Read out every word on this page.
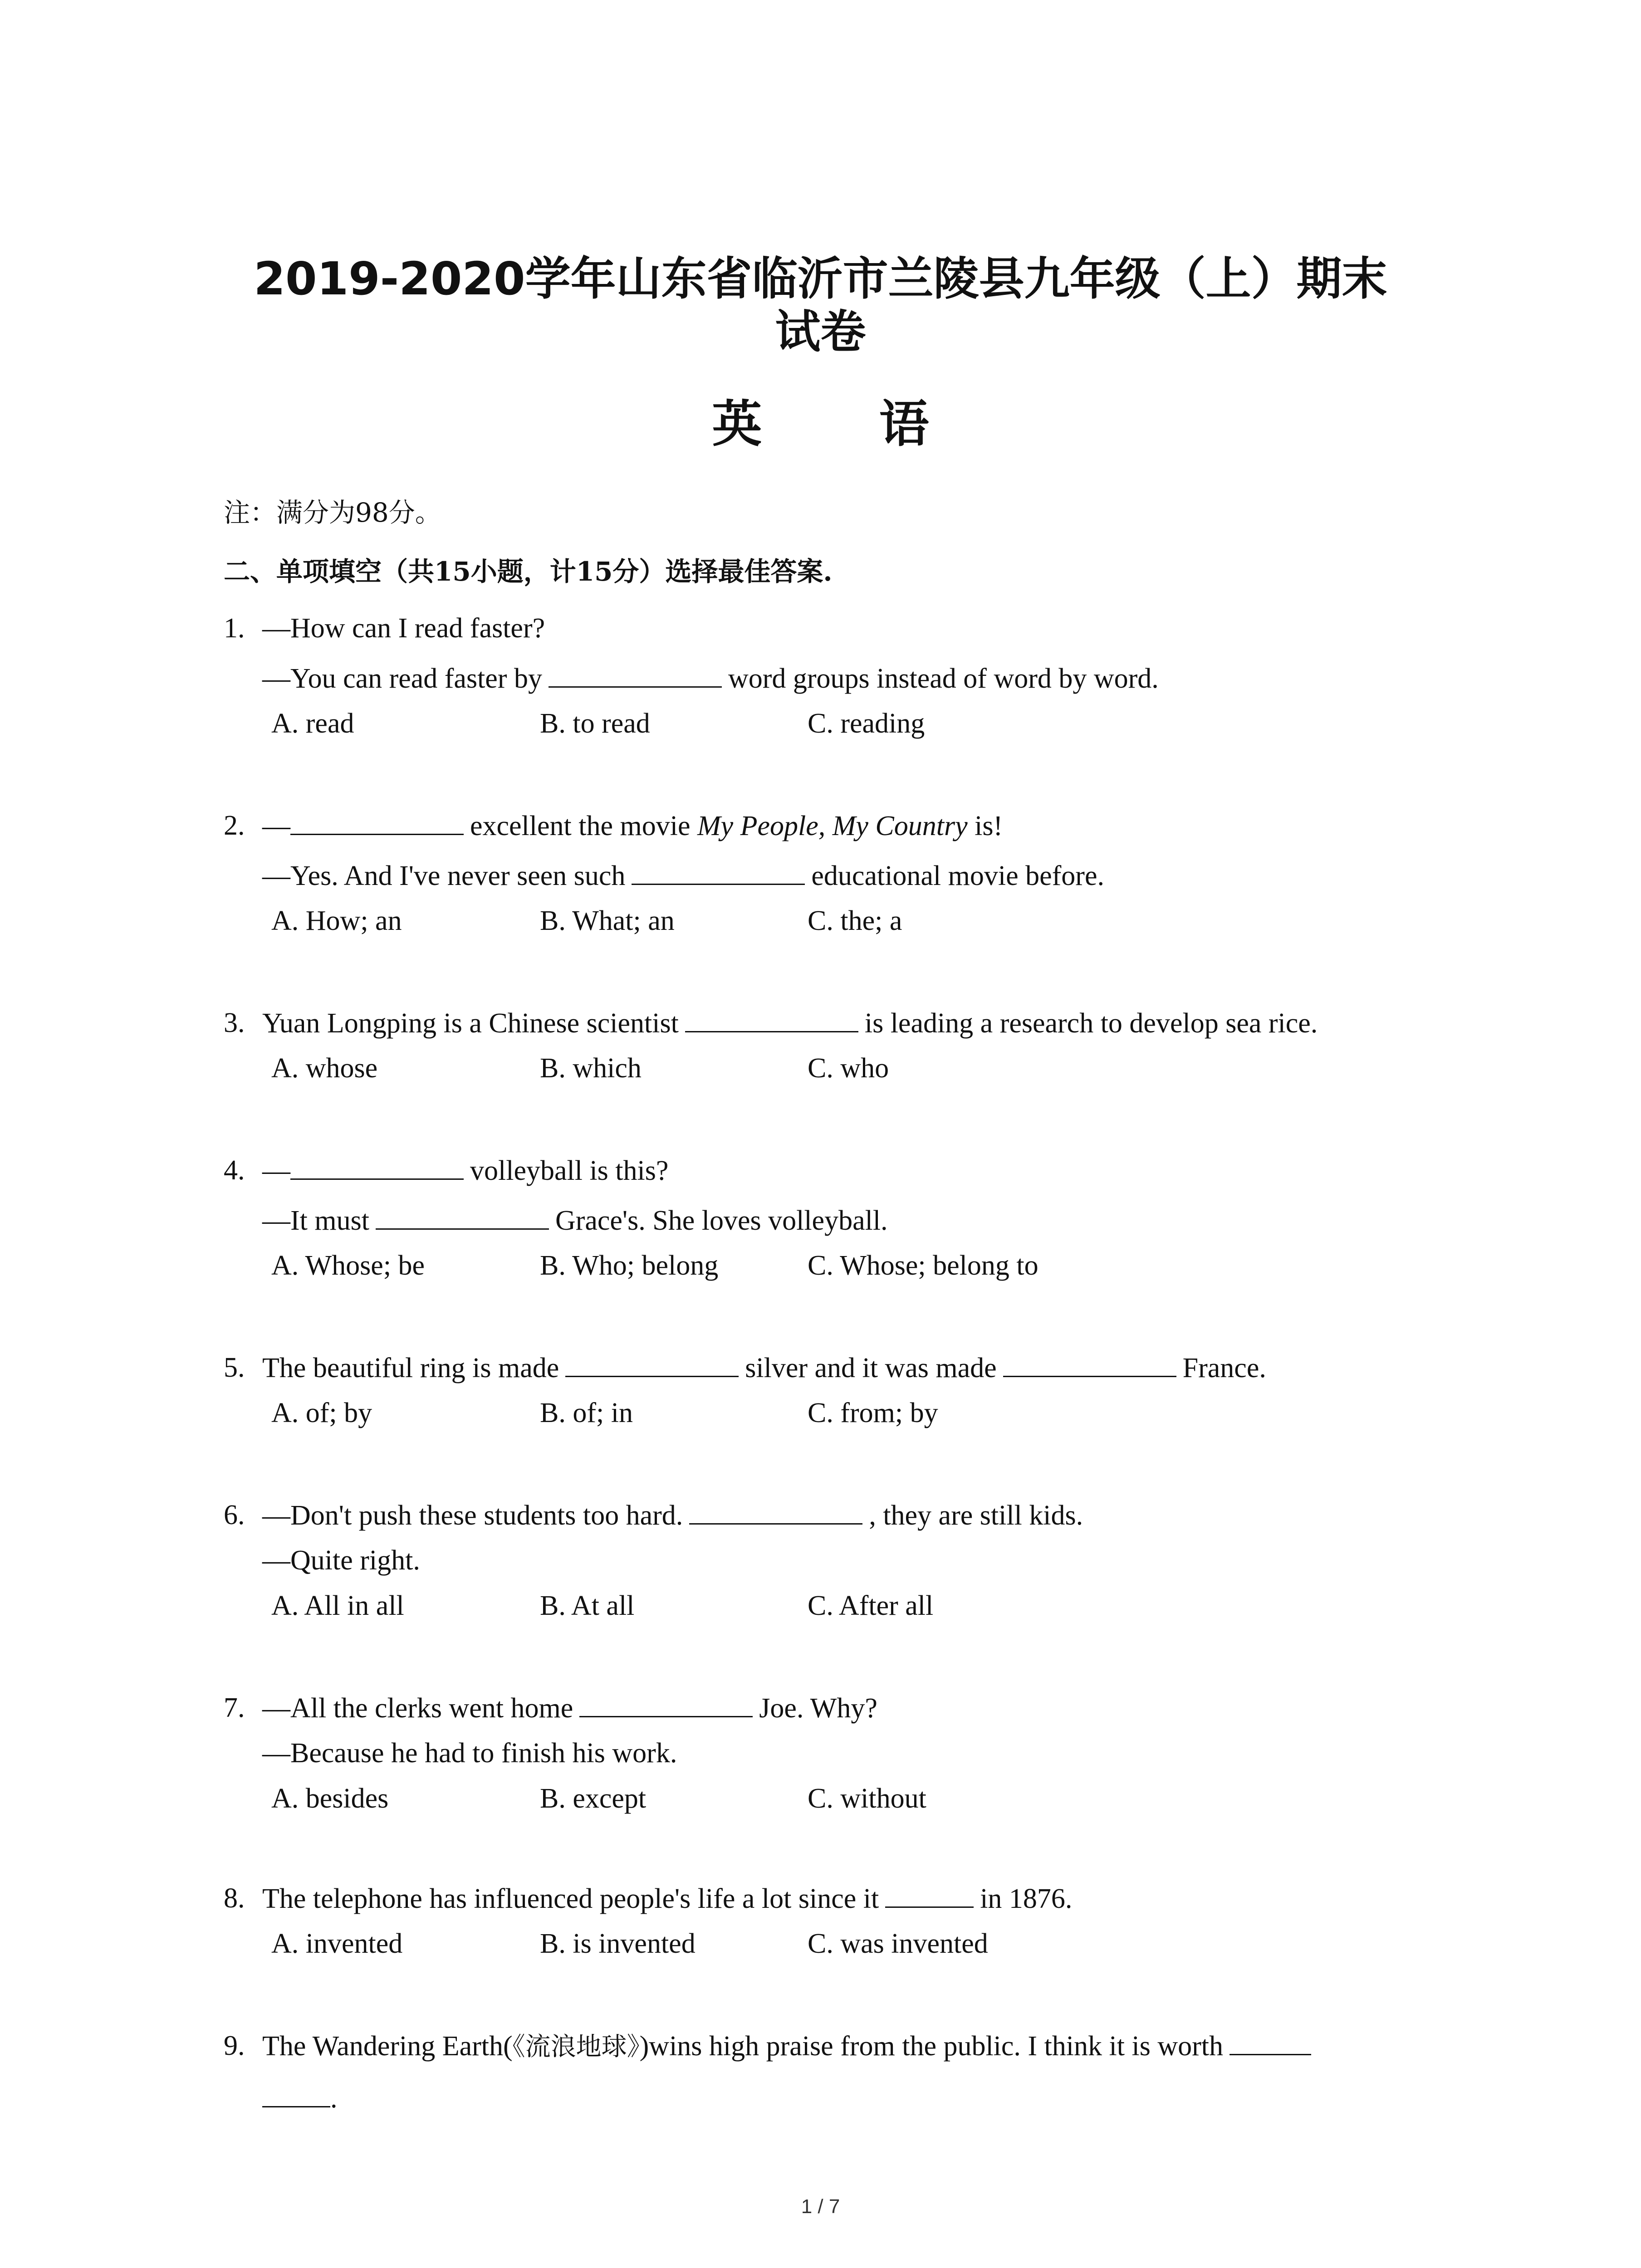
2019-2020学年山东省临沂市兰陵县九年级（上）期末
试卷
英 语
注：满分为98分。
二、单项填空（共15小题，计15分）选择最佳答案.
1. —How can I read faster?
—You can read faster by	word groups instead of word by word.
A. read	B. to read	C. reading
2. —	excellent the movie My People, My Country is!
—Yes. And I've never seen such	educational movie before.
A. How; an	B. What; an	C. the; a
3. Yuan Longping is a Chinese scientist	is leading a research to develop sea rice.
A. whose	B. which	C. who
4. —	volleyball is this?
—It must	Grace's. She loves volleyball.
A. Whose; be	B. Who; belong	C. Whose; belong to
5. The beautiful ring is made	silver and it was made	France.
A. of; by	B. of; in	C. from; by
6. —Don't push these students too hard.	, they are still kids.
—Quite right.
A. All in all	B. At all	C. After all
7. —All the clerks went home	Joe. Why?
—Because he had to finish his work.
A. besides	B. except	C. without
8. The telephone has influenced people's life a lot since it	in 1876.
A. invented	B. is invented	C. was invented
9. The Wandering Earth(《流浪地球》)wins high praise from the public. I think it is worth
.
1 / 7
